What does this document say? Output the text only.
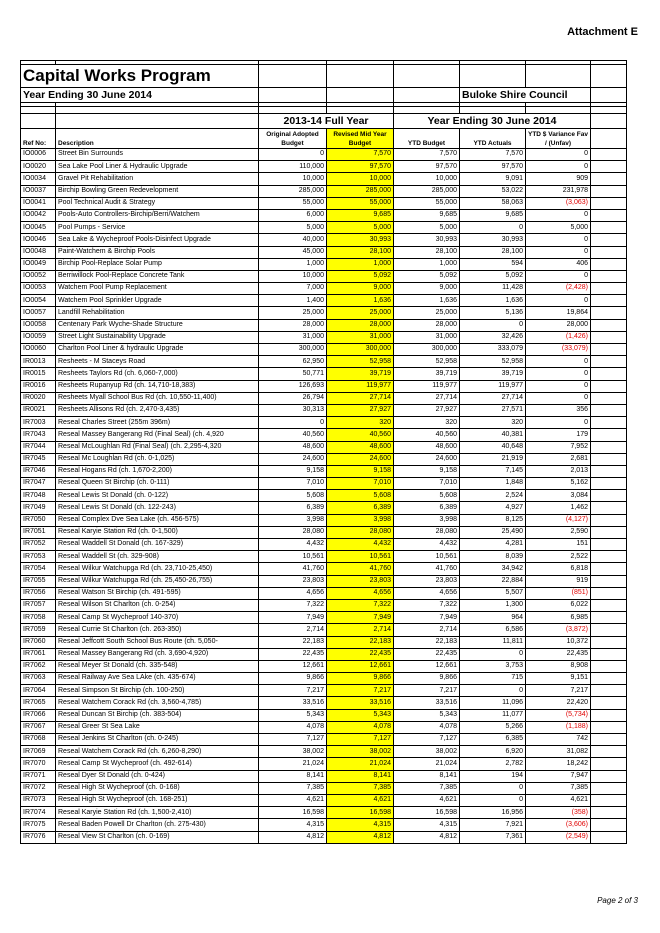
Attachment E

Capital Works Program							
Year Ending 30 June 2014					Buloke Shire Council		

		2013-14 Full Year		Year Ending 30 June 2014			
Ref No:	Description	Original Adopted Budget	Revised Mid Year Budget	YTD Budget	YTD Actuals	YTD $ Variance Fav / (Unfav)	
IO0006	Street Bin Surrounds	0	7,570	7,570	7,570	0	
IO0020	Sea Lake Pool Liner & Hydraulic Upgrade	110,000	97,570	97,570	97,570	0	
IO0034	Gravel Pit Rehabilitation	10,000	10,000	10,000	9,091	909	
IO0037	Birchip Bowling Green Redevelopment	285,000	285,000	285,000	53,022	231,978	
IO0041	Pool Technical Audit & Strategy	55,000	55,000	55,000	58,063	(3,063)	
IO0042	Pools-Auto Controllers-Birchip/Berri/Watchem	6,000	9,685	9,685	9,685	0	
IO0045	Pool Pumps - Service	5,000	5,000	5,000	0	5,000	
IO0046	Sea Lake & Wycheproof Pools-Disinfect Upgrade	40,000	30,993	30,993	30,993	0	
IO0048	Paint-Watchem & Birchip Pools	45,000	28,100	28,100	28,100	0	
IO0049	Birchip Pool-Replace Solar Pump	1,000	1,000	1,000	594	406	
IO0052	Berriwillock Pool-Replace Concrete Tank	10,000	5,092	5,092	5,092	0	
IO0053	Watchem Pool Pump Replacement	7,000	9,000	9,000	11,428	(2,428)	
IO0054	Watchem Pool Sprinkler Upgrade	1,400	1,636	1,636	1,636	0	
IO0057	Landfill Rehabilitation	25,000	25,000	25,000	5,136	19,864	
IO0058	Centenary Park Wyche-Shade Structure	28,000	28,000	28,000	0	28,000	
IO0059	Street Light Sustainability Upgrade	31,000	31,000	31,000	32,426	(1,426)	
IO0060	Charlton Pool Liner & hydraulic Upgrade	300,000	300,000	300,000	333,079	(33,079)	
IR0013	Resheets - M Staceys Road	62,950	52,958	52,958	52,958	0	
IR0015	Resheets Taylors Rd (ch. 6,060-7,000)	50,771	39,719	39,719	39,719	0	
IR0016	Resheets Rupanyup Rd (ch. 14,710-18,383)	126,693	119,977	119,977	119,977	0	
IR0020	Resheets Myall School Bus Rd (ch. 10,550-11,400)	26,794	27,714	27,714	27,714	0	
IR0021	Resheets Allisons Rd (ch. 2,470-3,435)	30,313	27,927	27,927	27,571	356	
IR7003	Reseal Charles Street (255m 396m)	0	320	320	320	0	
IR7043	Reseal Massey Bangerang Rd (Final Seal) (ch. 4,920	40,560	40,560	40,560	40,381	179	
IR7044	Reseal McLoughlan Rd (Final Seal) (ch. 2,295-4,320	48,600	48,600	48,600	40,648	7,952	
IR7045	Reseal Mc Loughlan Rd (ch. 0-1,025)	24,600	24,600	24,600	21,919	2,681	
IR7046	Reseal Hogans Rd (ch. 1,670-2,200)	9,158	9,158	9,158	7,145	2,013	
IR7047	Reseal Queen St Birchip (ch. 0-111)	7,010	7,010	7,010	1,848	5,162	
IR7048	Reseal Lewis St Donald (ch. 0-122)	5,608	5,608	5,608	2,524	3,084	
IR7049	Reseal Lewis St Donald (ch. 122-243)	6,389	6,389	6,389	4,927	1,462	
IR7050	Reseal Complex Dve Sea Lake (ch. 456-575)	3,998	3,998	3,998	8,125	(4,127)	
IR7051	Reseal Karyie Station Rd (ch. 0-1,500)	28,080	28,080	28,080	25,490	2,590	
IR7052	Reseal Waddell St Donald (ch. 167-329)	4,432	4,432	4,432	4,281	151	
IR7053	Reseal Waddell St (ch. 329-908)	10,561	10,561	10,561	8,039	2,522	
IR7054	Reseal Wilkur Watchupga Rd (ch. 23,710-25,450)	41,760	41,760	41,760	34,942	6,818	
IR7055	Reseal Wilkur Watchupga Rd (ch. 25,450-26,755)	23,803	23,803	23,803	22,884	919	
IR7056	Reseal Watson St Birchip (ch. 491-595)	4,656	4,656	4,656	5,507	(851)	
IR7057	Reseal Wilson St Charlton (ch. 0-254)	7,322	7,322	7,322	1,300	6,022	
IR7058	Reseal Camp St Wycheproof 140-370)	7,949	7,949	7,949	964	6,985	
IR7059	Reseal Currie St Charlton (ch. 263-350)	2,714	2,714	2,714	6,586	(3,872)	
IR7060	Reseal Jeffcott South School Bus Route (ch. 5,050-	22,183	22,183	22,183	11,811	10,372	
IR7061	Reseal Massey Bangerang Rd (ch. 3,690-4,920)	22,435	22,435	22,435	0	22,435	
IR7062	Reseal Meyer St Donald (ch. 335-548)	12,661	12,661	12,661	3,753	8,908	
IR7063	Reseal Railway Ave Sea LAke (ch. 435-674)	9,866	9,866	9,866	715	9,151	
IR7064	Reseal Simpson St Birchip (ch. 100-250)	7,217	7,217	7,217	0	7,217	
IR7065	Reseal Watchem Corack Rd (ch. 3,560-4,785)	33,516	33,516	33,516	11,096	22,420	
IR7066	Reseal Duncan St Birchip (ch. 383-504)	5,343	5,343	5,343	11,077	(5,734)	
IR7067	Reseal Greer St Sea Lake	4,078	4,078	4,078	5,266	(1,188)	
IR7068	Reseal Jenkins St Charlton (ch. 0-245)	7,127	7,127	7,127	6,385	742	
IR7069	Reseal Watchem Corack Rd (ch. 6,260-8,290)	38,002	38,002	38,002	6,920	31,082	
IR7070	Reseal Camp St Wycheproof (ch. 492-614)	21,024	21,024	21,024	2,782	18,242	
IR7071	Reseal Dyer St Donald (ch. 0-424)	8,141	8,141	8,141	194	7,947	
IR7072	Reseal High St Wycheproof (ch. 0-168)	7,385	7,385	7,385	0	7,385	
IR7073	Reseal High St Wycheproof (ch. 168-251)	4,621	4,621	4,621	0	4,621	
IR7074	Reseal Karyie Station Rd (ch. 1,500-2,410)	16,598	16,598	16,598	16,956	(358)	
IR7075	Reseal Baden Powell Dr Charlton (ch. 275-430)	4,315	4,315	4,315	7,921	(3,606)	
IR7076	Reseal View St Charlton (ch. 0-169)	4,812	4,812	4,812	7,361	(2,549)	
Page 2 of 3
